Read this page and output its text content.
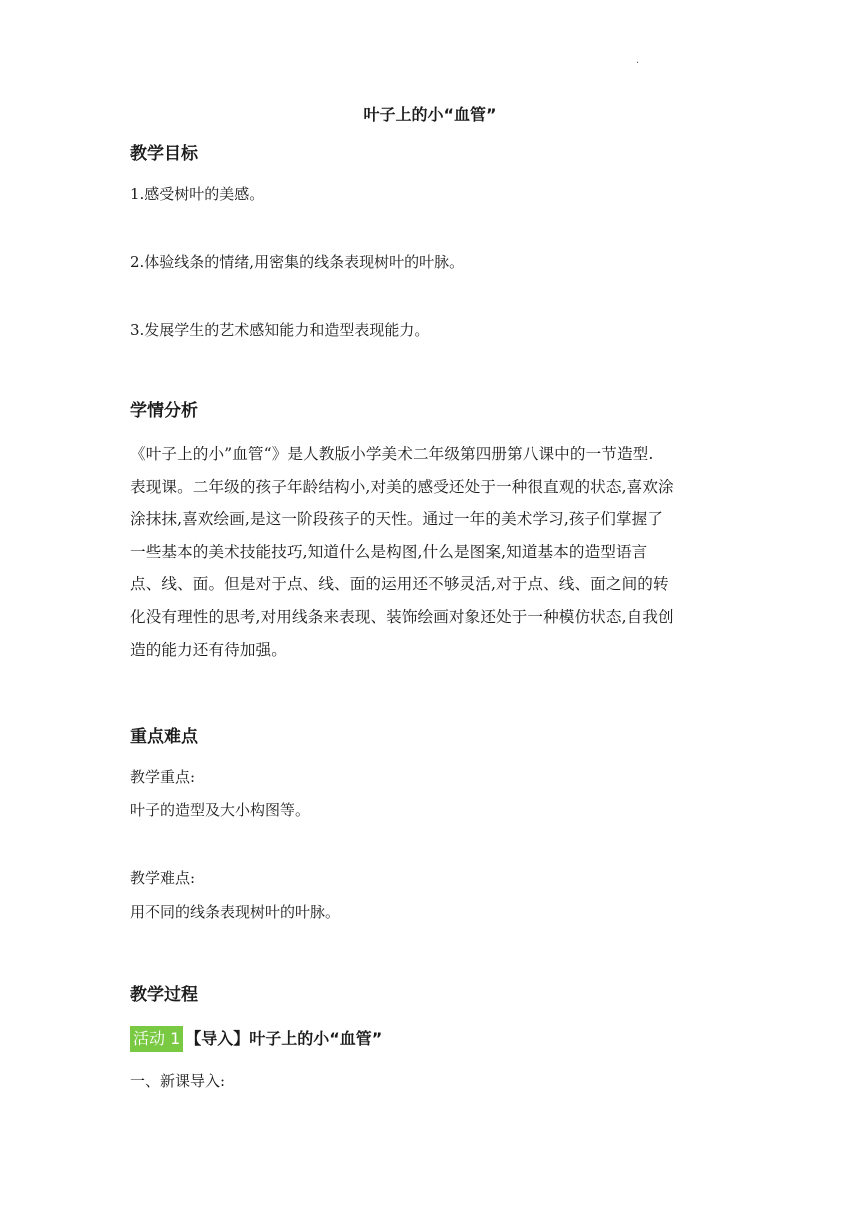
·
叶子上的小“血管”
教学目标
1.感受树叶的美感。
2.体验线条的情绪,用密集的线条表现树叶的叶脉。
3.发展学生的艺术感知能力和造型表现能力。
学情分析
《叶子上的小”血管“》是人教版小学美术二年级第四册第八课中的一节造型.
表现课。二年级的孩子年龄结构小,对美的感受还处于一种很直观的状态,喜欢涂
涂抹抹,喜欢绘画,是这一阶段孩子的天性。通过一年的美术学习,孩子们掌握了
一些基本的美术技能技巧,知道什么是构图,什么是图案,知道基本的造型语言
点、线、面。但是对于点、线、面的运用还不够灵活,对于点、线、面之间的转
化没有理性的思考,对用线条来表现、装饰绘画对象还处于一种模仿状态,自我创
造的能力还有待加强。
重点难点
教学重点:
叶子的造型及大小构图等。
教学难点:
用不同的线条表现树叶的叶脉。
教学过程
活动 1 【导入】叶子上的小“血管”
一、新课导入:
